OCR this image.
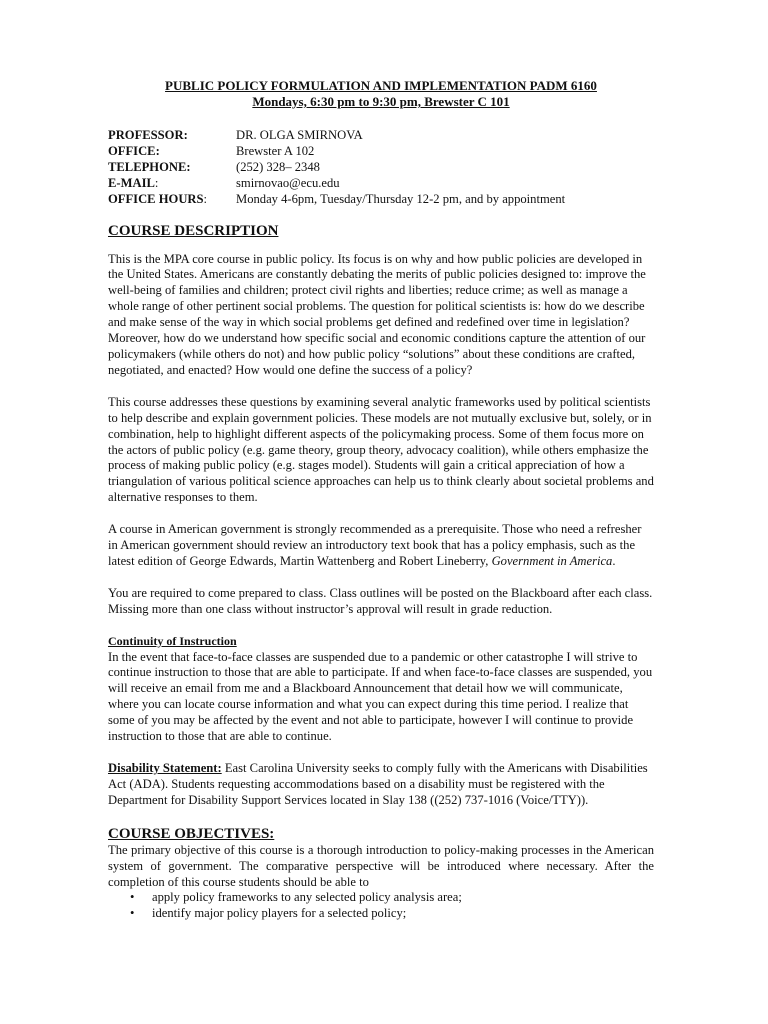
PUBLIC POLICY FORMULATION AND IMPLEMENTATION PADM 6160
Mondays, 6:30 pm to 9:30 pm, Brewster C 101
PROFESSOR:	DR. OLGA SMIRNOVA
OFFICE:	Brewster A 102
TELEPHONE:	(252) 328– 2348
E-MAIL:	smirnovao@ecu.edu
OFFICE HOURS:	Monday 4-6pm, Tuesday/Thursday 12-2 pm, and by appointment
COURSE DESCRIPTION

This is the MPA core course in public policy. Its focus is on why and how public policies are developed in the United States. Americans are constantly debating the merits of public policies designed to: improve the well-being of families and children; protect civil rights and liberties; reduce crime; as well as manage a whole range of other pertinent social problems. The question for political scientists is: how do we describe and make sense of the way in which social problems get defined and redefined over time in legislation? Moreover, how do we understand how specific social and economic conditions capture the attention of our policymakers (while others do not) and how public policy “solutions” about these conditions are crafted, negotiated, and enacted? How would one define the success of a policy?

This course addresses these questions by examining several analytic frameworks used by political scientists to help describe and explain government policies. These models are not mutually exclusive but, solely, or in combination, help to highlight different aspects of the policymaking process. Some of them focus more on the actors of public policy (e.g. game theory, group theory, advocacy coalition), while others emphasize the process of making public policy (e.g. stages model). Students will gain a critical appreciation of how a triangulation of various political science approaches can help us to think clearly about societal problems and alternative responses to them.

A course in American government is strongly recommended as a prerequisite. Those who need a refresher in American government should review an introductory text book that has a policy emphasis, such as the latest edition of George Edwards, Martin Wattenberg and Robert Lineberry, Government in America.

You are required to come prepared to class. Class outlines will be posted on the Blackboard after each class. Missing more than one class without instructor’s approval will result in grade reduction.

Continuity of Instruction
In the event that face-to-face classes are suspended due to a pandemic or other catastrophe I will strive to continue instruction to those that are able to participate. If and when face-to-face classes are suspended, you will receive an email from me and a Blackboard Announcement that detail how we will communicate, where you can locate course information and what you can expect during this time period. I realize that some of you may be affected by the event and not able to participate, however I will continue to provide instruction to those that are able to continue.

Disability Statement: East Carolina University seeks to comply fully with the Americans with Disabilities Act (ADA). Students requesting accommodations based on a disability must be registered with the Department for Disability Support Services located in Slay 138 ((252) 737-1016 (Voice/TTY)).

COURSE OBJECTIVES:

The primary objective of this course is a thorough introduction to policy-making processes in the American system of government. The comparative perspective will be introduced where necessary. After the completion of this course students should be able to

• apply policy frameworks to any selected policy analysis area;
• identify major policy players for a selected policy;
